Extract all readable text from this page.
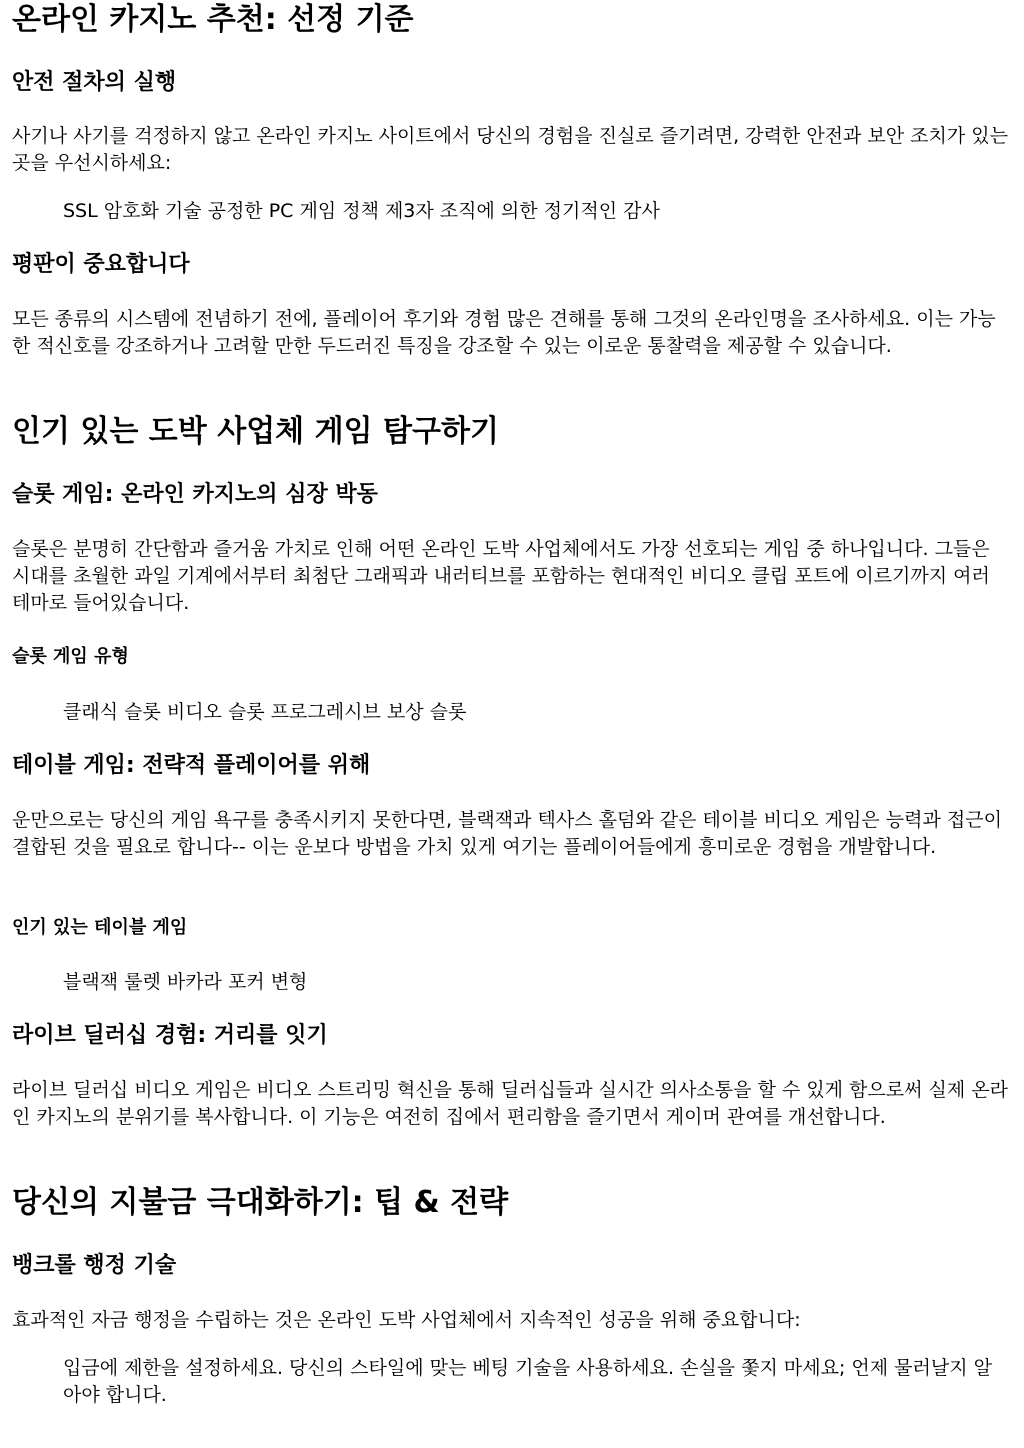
온라인 카지노 추천: 선정 기준
안전 절차의 실행

사기나 사기를 걱정하지 않고 온라인 카지노 사이트에서 당신의 경험을 진실로 즐기려면, 강력한 안전과 보안 조치가 있는 곳을 우선시하세요:

SSL 암호화 기술 공정한 PC 게임 정책 제3자 조직에 의한 정기적인 감사
평판이 중요합니다

모든 종류의 시스템에 전념하기 전에, 플레이어 후기와 경험 많은 견해를 통해 그것의 온라인명을 조사하세요. 이는 가능한 적신호를 강조하거나 고려할 만한 두드러진 특징을 강조할 수 있는 이로운 통찰력을 제공할 수 있습니다.

인기 있는 도박 사업체 게임 탐구하기
슬롯 게임: 온라인 카지노의 심장 박동

슬롯은 분명히 간단함과 즐거움 가치로 인해 어떤 온라인 도박 사업체에서도 가장 선호되는 게임 중 하나입니다. 그들은 시대를 초월한 과일 기계에서부터 최첨단 그래픽과 내러티브를 포함하는 현대적인 비디오 클립 포트에 이르기까지 여러 테마로 들어있습니다.

슬롯 게임 유형
클래식 슬롯 비디오 슬롯 프로그레시브 보상 슬롯
테이블 게임: 전략적 플레이어를 위해

운만으로는 당신의 게임 욕구를 충족시키지 못한다면, 블랙잭과 텍사스 홀덤와 같은 테이블 비디오 게임은 능력과 접근이 결합된 것을 필요로 합니다-- 이는 운보다 방법을 가치 있게 여기는 플레이어들에게 흥미로운 경험을 개발합니다.

인기 있는 테이블 게임
블랙잭 룰렛 바카라 포커 변형
라이브 딜러십 경험: 거리를 잇기

라이브 딜러십 비디오 게임은 비디오 스트리밍 혁신을 통해 딜러십들과 실시간 의사소통을 할 수 있게 함으로써 실제 온라인 카지노의 분위기를 복사합니다. 이 기능은 여전히 집에서 편리함을 즐기면서 게이머 관여를 개선합니다.

당신의 지불금 극대화하기: 팁 & 전략
뱅크롤 행정 기술

효과적인 자금 행정을 수립하는 것은 온라인 도박 사업체에서 지속적인 성공을 위해 중요합니다:

입금에 제한을 설정하세요. 당신의 스타일에 맞는 베팅 기술을 사용하세요. 손실을 쫓지 마세요; 언제 물러날지 알아야 합니다.
